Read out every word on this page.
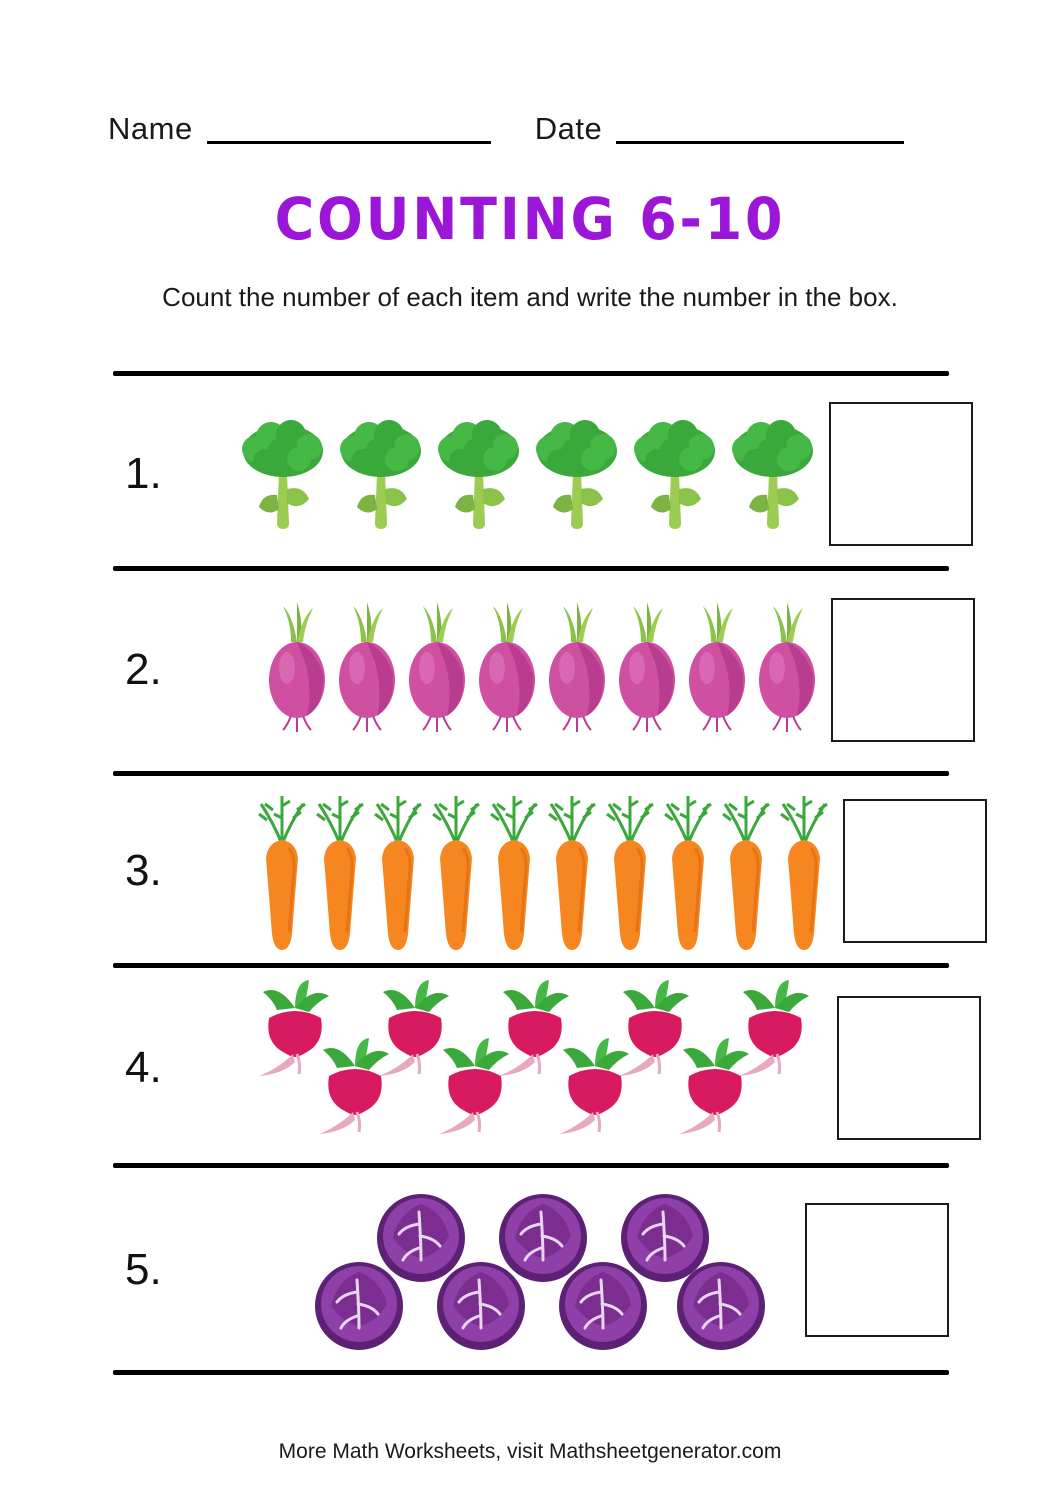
Name	Date
COUNTING 6-10
Count the number of each item and write the number in the box.
1.
2.
3.
4.
5.
More Math Worksheets, visit Mathsheetgenerator.com
